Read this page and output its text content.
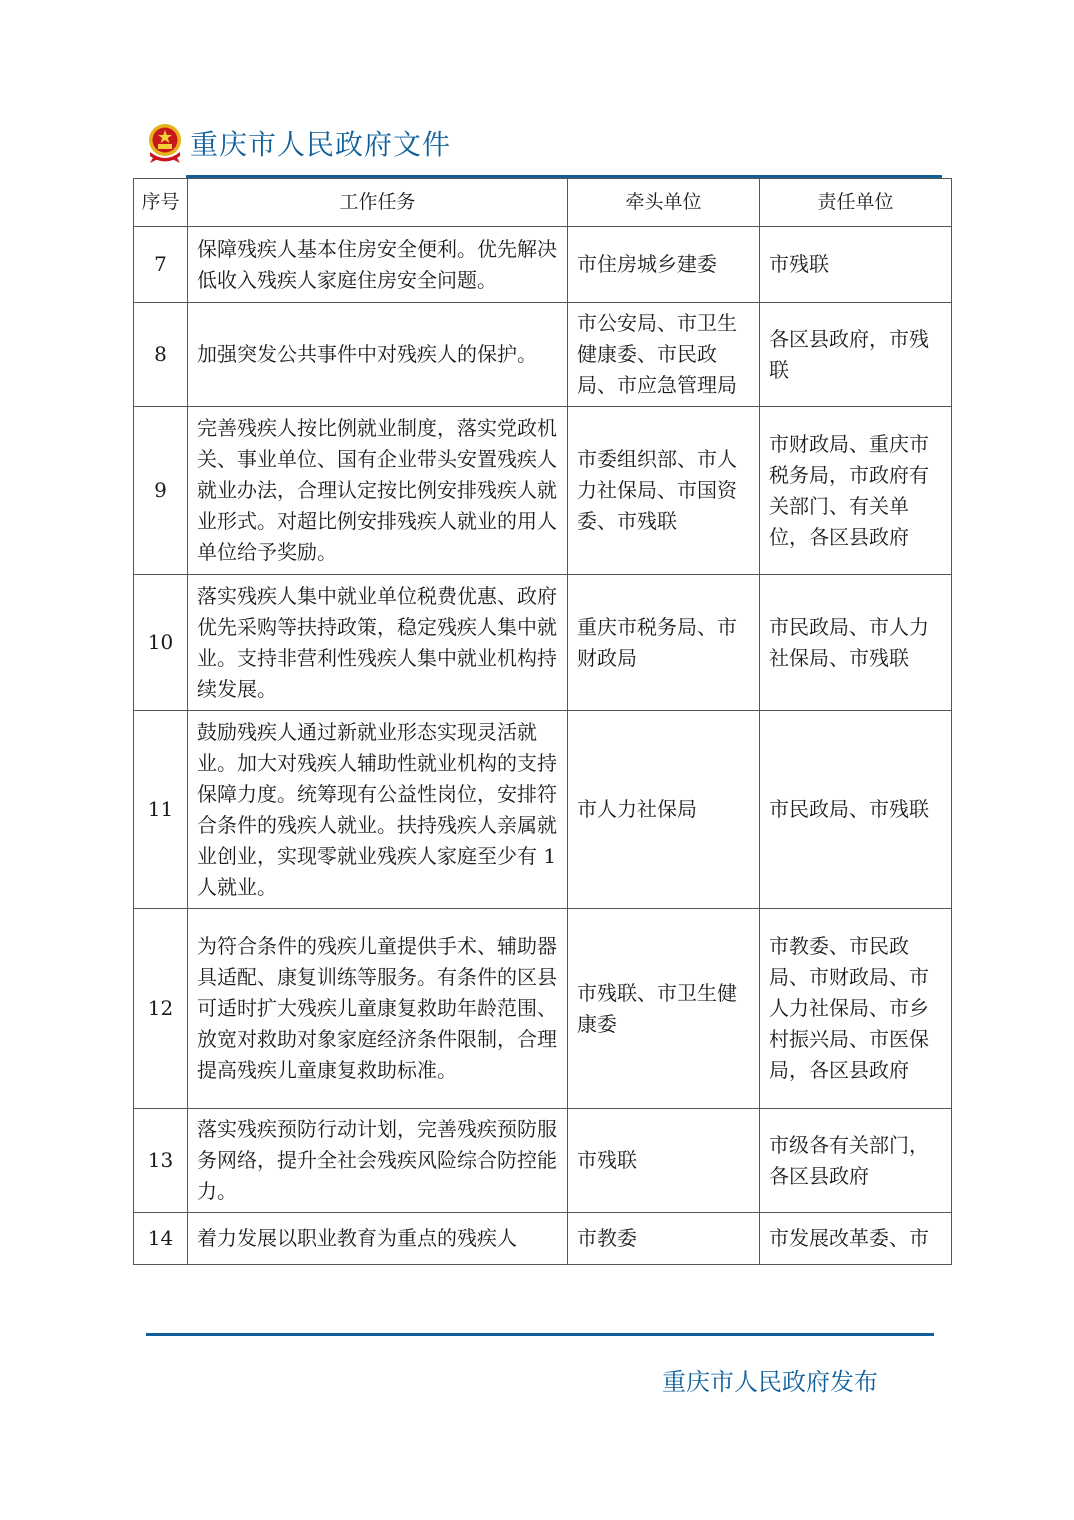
重庆市人民政府文件
序号	工作任务	牵头单位	责任单位
7	保障残疾人基本住房安全便利。优先解决低收入残疾人家庭住房安全问题。	市住房城乡建委	市残联
8	加强突发公共事件中对残疾人的保护。	市公安局、市卫生健康委、市民政局、市应急管理局	各区县政府，市残联
9	完善残疾人按比例就业制度，落实党政机关、事业单位、国有企业带头安置残疾人就业办法，合理认定按比例安排残疾人就业形式。对超比例安排残疾人就业的用人单位给予奖励。	市委组织部、市人力社保局、市国资委、市残联	市财政局、重庆市税务局，市政府有关部门、有关单位，各区县政府
10	落实残疾人集中就业单位税费优惠、政府优先采购等扶持政策，稳定残疾人集中就业。支持非营利性残疾人集中就业机构持续发展。	重庆市税务局、市财政局	市民政局、市人力社保局、市残联
11	鼓励残疾人通过新就业形态实现灵活就业。加大对残疾人辅助性就业机构的支持保障力度。统筹现有公益性岗位，安排符合条件的残疾人就业。扶持残疾人亲属就业创业，实现零就业残疾人家庭至少有 1 人就业。	市人力社保局	市民政局、市残联
12	为符合条件的残疾儿童提供手术、辅助器具适配、康复训练等服务。有条件的区县可适时扩大残疾儿童康复救助年龄范围、放宽对救助对象家庭经济条件限制，合理提高残疾儿童康复救助标准。	市残联、市卫生健康委	市教委、市民政局、市财政局、市人力社保局、市乡村振兴局、市医保局，各区县政府
13	落实残疾预防行动计划，完善残疾预防服务网络，提升全社会残疾风险综合防控能力。	市残联	市级各有关部门，各区县政府
14	着力发展以职业教育为重点的残疾人	市教委	市发展改革委、市
重庆市人民政府发布
